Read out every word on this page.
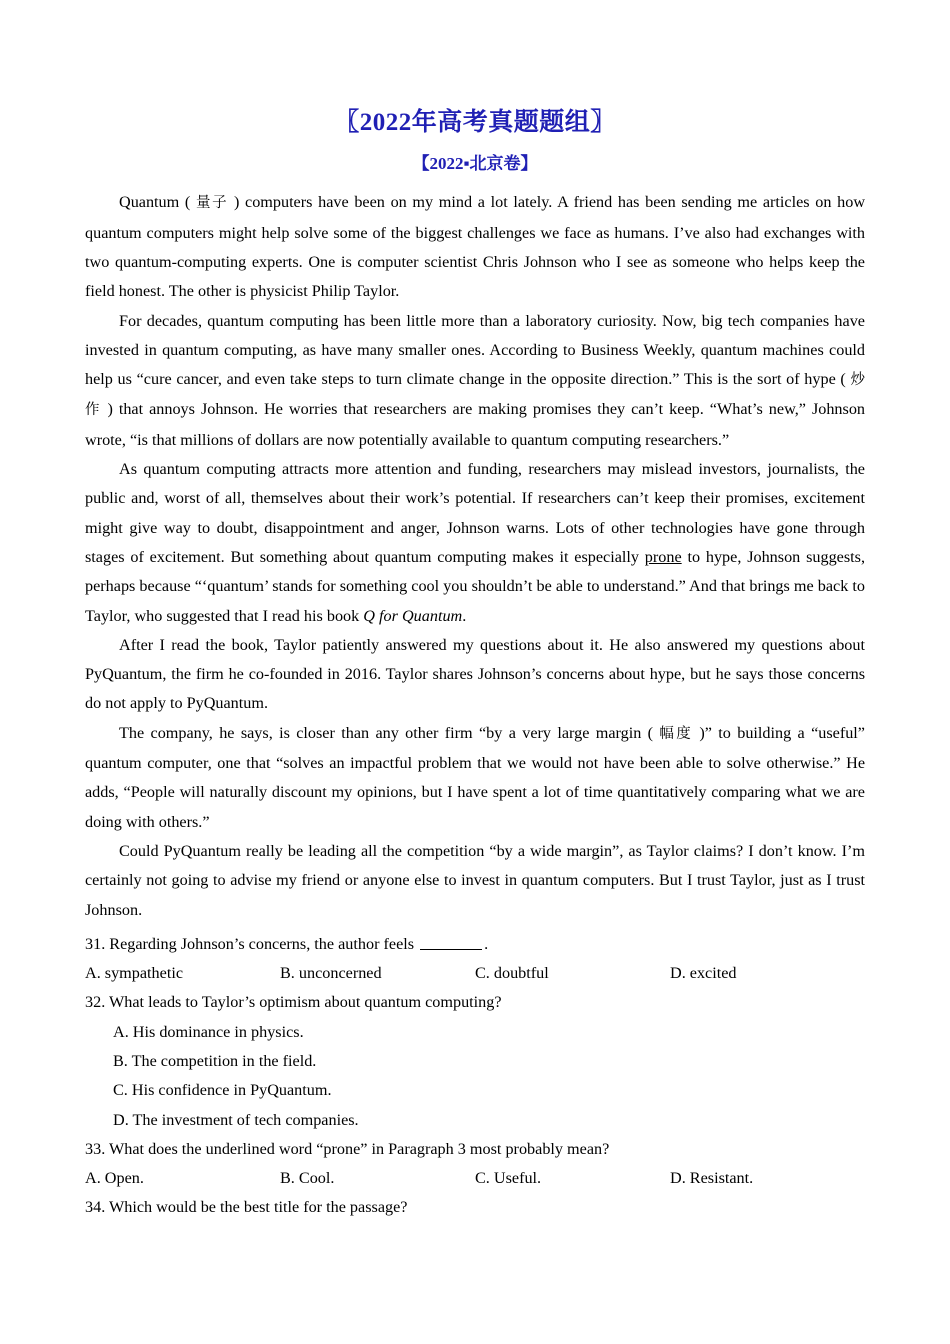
〖2022年高考真题题组〗
【2022▪北京卷】

Quantum ( 量子 ) computers have been on my mind a lot lately. A friend has been sending me articles on how quantum computers might help solve some of the biggest challenges we face as humans. I’ve also had exchanges with two quantum-computing experts. One is computer scientist Chris Johnson who I see as someone who helps keep the field honest. The other is physicist Philip Taylor.

For decades, quantum computing has been little more than a laboratory curiosity. Now, big tech companies have invested in quantum computing, as have many smaller ones. According to Business Weekly, quantum machines could help us “cure cancer, and even take steps to turn climate change in the opposite direction.” This is the sort of hype ( 炒作 ) that annoys Johnson. He worries that researchers are making promises they can’t keep. “What’s new,” Johnson wrote, “is that millions of dollars are now potentially available to quantum computing researchers.”

As quantum computing attracts more attention and funding, researchers may mislead investors, journalists, the public and, worst of all, themselves about their work’s potential. If researchers can’t keep their promises, excitement might give way to doubt, disappointment and anger, Johnson warns. Lots of other technologies have gone through stages of excitement. But something about quantum computing makes it especially prone to hype, Johnson suggests, perhaps because “‘quantum’ stands for something cool you shouldn’t be able to understand.” And that brings me back to Taylor, who suggested that I read his book Q for Quantum.

After I read the book, Taylor patiently answered my questions about it. He also answered my questions about PyQuantum, the firm he co-founded in 2016. Taylor shares Johnson’s concerns about hype, but he says those concerns do not apply to PyQuantum.

The company, he says, is closer than any other firm “by a very large margin ( 幅度 )” to building a “useful” quantum computer, one that “solves an impactful problem that we would not have been able to solve otherwise.” He adds, “People will naturally discount my opinions, but I have spent a lot of time quantitatively comparing what we are doing with others.”

Could PyQuantum really be leading all the competition “by a wide margin”, as Taylor claims? I don’t know. I’m certainly not going to advise my friend or anyone else to invest in quantum computers. But I trust Taylor, just as I trust Johnson.

31. Regarding Johnson’s concerns, the author feels	.

A. sympathetic	B. unconcerned	C. doubtful	D. excited

32. What leads to Taylor’s optimism about quantum computing?

A. His dominance in physics.

B. The competition in the field.

C. His confidence in PyQuantum.

D. The investment of tech companies.

33. What does the underlined word “prone” in Paragraph 3 most probably mean?

A. Open.	B. Cool.	C. Useful.	D. Resistant.

34. Which would be the best title for the passage?
